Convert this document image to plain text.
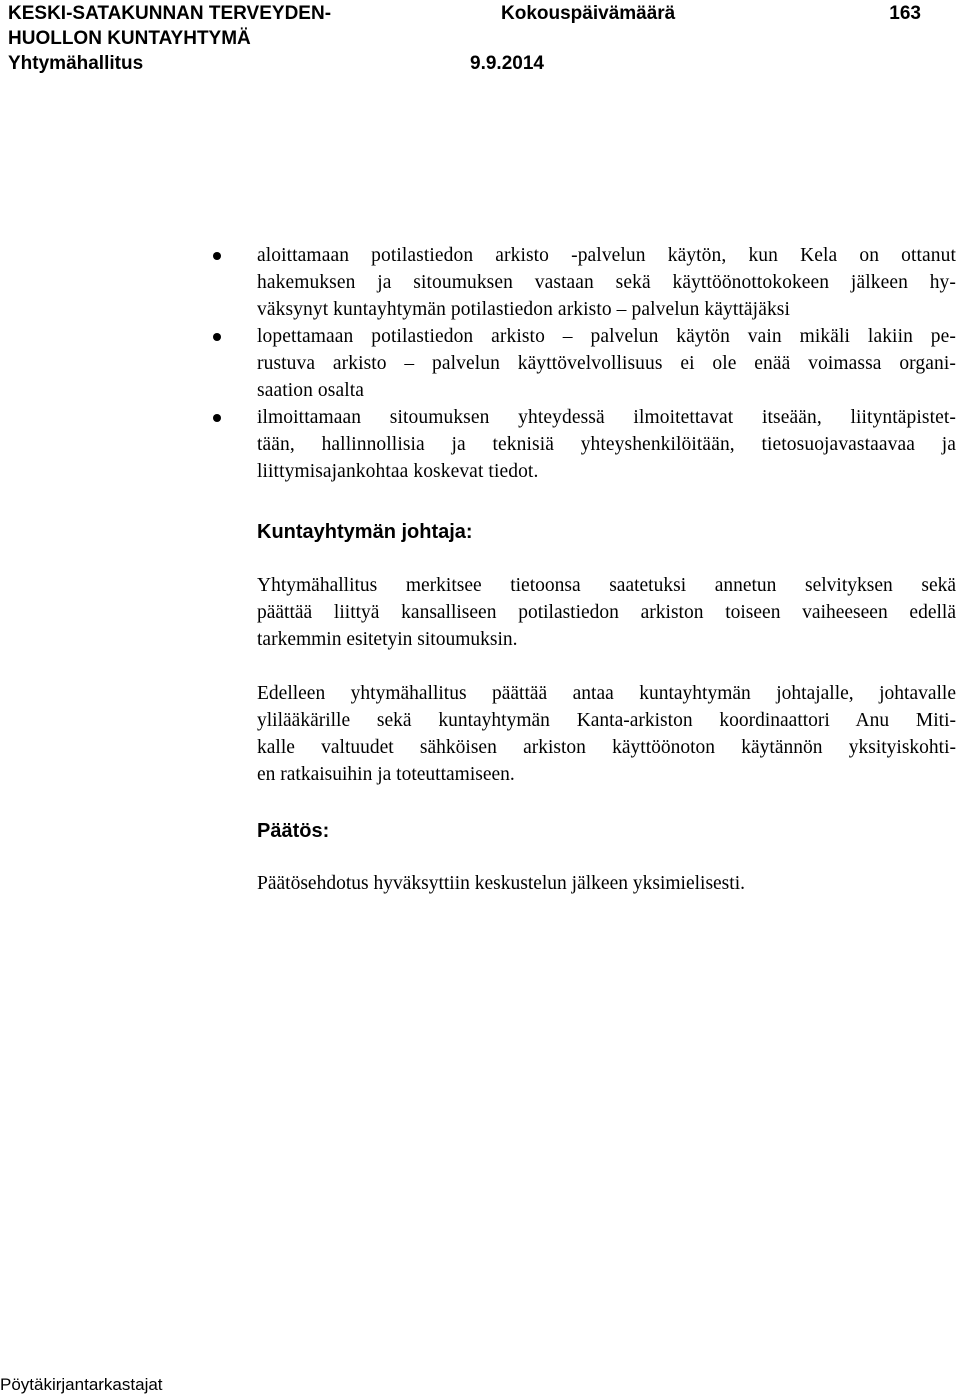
KESKI-SATAKUNNAN TERVEYDEN-
HUOLLON KUNTAYHTYMÄ
Yhtymähallitus
Kokouspäivämäärä
9.9.2014
163
aloittamaan potilastiedon arkisto -palvelun käytön, kun Kela on ottanut
hakemuksen ja sitoumuksen vastaan sekä käyttöönottokokeen jälkeen hy-
väksynyt kuntayhtymän potilastiedon arkisto – palvelun käyttäjäksi
lopettamaan potilastiedon arkisto – palvelun käytön vain mikäli lakiin pe-
rustuva arkisto – palvelun käyttövelvollisuus ei ole enää voimassa organi-
saation osalta
ilmoittamaan sitoumuksen yhteydessä ilmoitettavat itseään, liityntäpistet-
tään, hallinnollisia ja teknisiä yhteyshenkilöitään, tietosuojavastaavaa ja
liittymisajankohtaa koskevat tiedot.
Kuntayhtymän johtaja:
Yhtymähallitus merkitsee tietoonsa saatetuksi annetun selvityksen sekä
päättää liittyä kansalliseen potilastiedon arkiston toiseen vaiheeseen edellä
tarkemmin esitetyin sitoumuksin.
Edelleen yhtymähallitus päättää antaa kuntayhtymän johtajalle, johtavalle
ylilääkärille sekä kuntayhtymän Kanta-arkiston koordinaattori Anu Miti-
kalle valtuudet sähköisen arkiston käyttöönoton käytännön yksityiskohti-
en ratkaisuihin ja toteuttamiseen.
Päätös:
Päätösehdotus hyväksyttiin keskustelun jälkeen yksimielisesti.
Pöytäkirjantarkastajat
